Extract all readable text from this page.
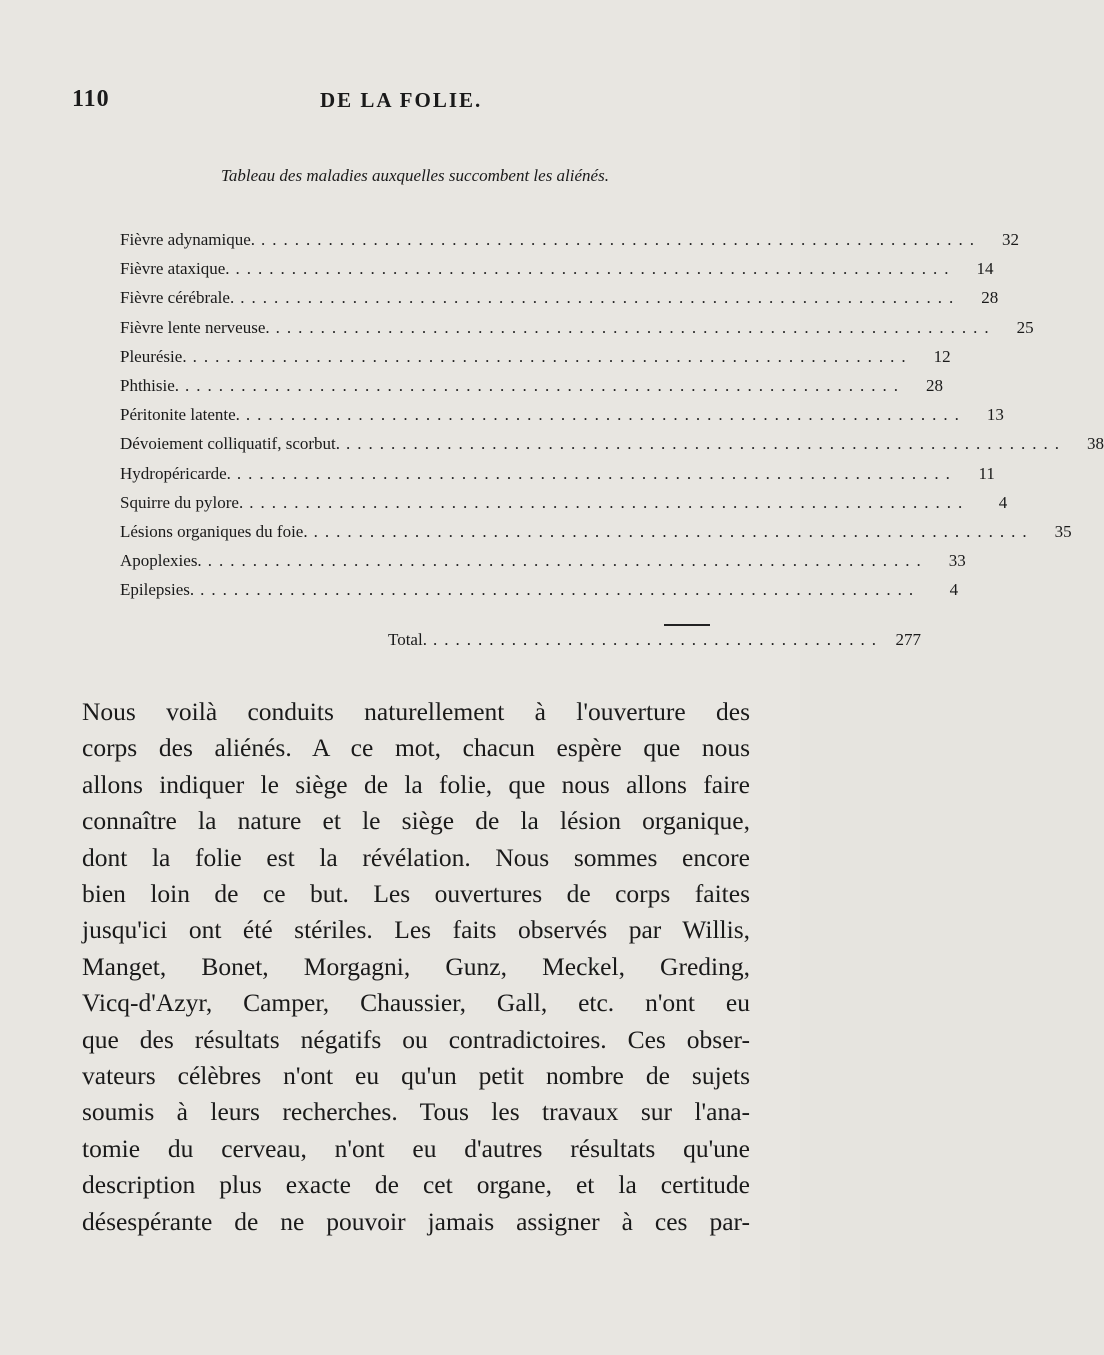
110	DE LA FOLIE.
Tableau des maladies auxquelles succombent les aliénés.
Fièvre adynamique. ................................................................	32
Fièvre ataxique. ................................................................	14
Fièvre cérébrale. ................................................................	28
Fièvre lente nerveuse. ................................................................	25
Pleurésie. ................................................................	12
Phthisie. ................................................................	28
Péritonite latente. ................................................................	13
Dévoiement colliquatif, scorbut. ................................................................	38
Hydropéricarde. ................................................................	11
Squirre du pylore. ................................................................	4
Lésions organiques du foie. ................................................................	35
Apoplexies. ................................................................	33
Epilepsies. ................................................................	4
Total. ........................................ 277

Nous voilà conduits naturellement à l'ouverture des
corps des aliénés. A ce mot, chacun espère que nous
allons indiquer le siège de la folie, que nous allons faire
connaître la nature et le siège de la lésion organique,
dont la folie est la révélation. Nous sommes encore
bien loin de ce but. Les ouvertures de corps faites
jusqu'ici ont été stériles. Les faits observés par Willis,
Manget, Bonet, Morgagni, Gunz, Meckel, Greding,
Vicq-d'Azyr, Camper, Chaussier, Gall, etc. n'ont eu
que des résultats négatifs ou contradictoires. Ces obser-
vateurs célèbres n'ont eu qu'un petit nombre de sujets
soumis à leurs recherches. Tous les travaux sur l'ana-
tomie du cerveau, n'ont eu d'autres résultats qu'une
description plus exacte de cet organe, et la certitude
désespérante de ne pouvoir jamais assigner à ces par-
